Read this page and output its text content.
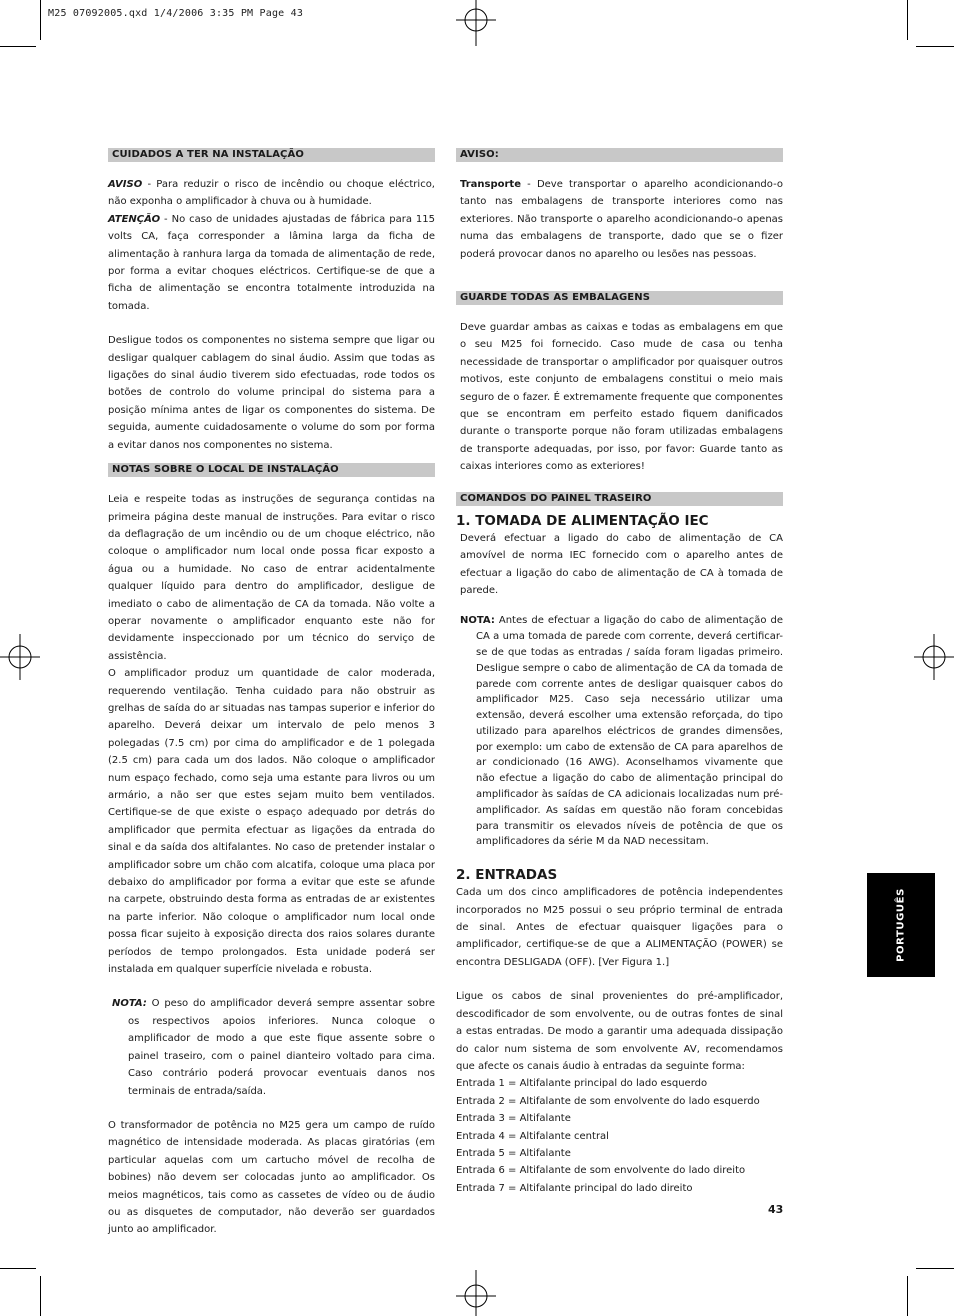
M25 07092005.qxd 1/4/2006 3:35 PM Page 43
CUIDADOS A TER NA INSTALAÇÃO

AVISO - Para reduzir o risco de incêndio ou choque eléctrico, não exponha o amplificador à chuva ou à humidade.

ATENÇÃO - No caso de unidades ajustadas de fábrica para 115 volts CA, faça corresponder a lâmina larga da ficha de alimentação à ranhura larga da tomada de alimentação de rede, por forma a evitar choques eléctricos. Certifique-se de que a ficha de alimentação se encontra totalmente introduzida na tomada.

Desligue todos os componentes no sistema sempre que ligar ou desligar qualquer cablagem do sinal áudio. Assim que todas as ligações do sinal áudio tiverem sido efectuadas, rode todos os botões de controlo do volume principal do sistema para a posição mínima antes de ligar os componentes do sistema. De seguida, aumente cuidadosamente o volume do som por forma a evitar danos nos componentes no sistema.

NOTAS SOBRE O LOCAL DE INSTALAÇÃO

Leia e respeite todas as instruções de segurança contidas na primeira página deste manual de instruções. Para evitar o risco da deflagração de um incêndio ou de um choque eléctrico, não coloque o amplificador num local onde possa ficar exposto a água ou a humidade. No caso de entrar acidentalmente qualquer líquido para dentro do amplificador, desligue de imediato o cabo de alimentação de CA da tomada. Não volte a operar novamente o amplificador enquanto este não for devidamente inspeccionado por um técnico do serviço de assistência.

O amplificador produz um quantidade de calor moderada, requerendo ventilação. Tenha cuidado para não obstruir as grelhas de saída do ar situadas nas tampas superior e inferior do aparelho. Deverá deixar um intervalo de pelo menos 3 polegadas (7.5 cm) por cima do amplificador e de 1 polegada (2.5 cm) para cada um dos lados. Não coloque o amplificador num espaço fechado, como seja uma estante para livros ou um armário, a não ser que estes sejam muito bem ventilados. Certifique-se de que existe o espaço adequado por detrás do amplificador que permita efectuar as ligações da entrada do sinal e da saída dos altifalantes. No caso de pretender instalar o amplificador sobre um chão com alcatifa, coloque uma placa por debaixo do amplificador por forma a evitar que este se afunde na carpete, obstruindo desta forma as entradas de ar existentes na parte inferior. Não coloque o amplificador num local onde possa ficar sujeito à exposição directa dos raios solares durante períodos de tempo prolongados. Esta unidade poderá ser instalada em qualquer superfície nivelada e robusta.

NOTA: O peso do amplificador deverá sempre assentar sobre os respectivos apoios inferiores. Nunca coloque o amplificador de modo a que este fique assente sobre o painel traseiro, com o painel dianteiro voltado para cima. Caso contrário poderá provocar eventuais danos nos terminais de entrada/saída.

O transformador de potência no M25 gera um campo de ruído magnético de intensidade moderada. As placas giratórias (em particular aquelas com um cartucho móvel de recolha de bobines) não devem ser colocadas junto ao amplificador. Os meios magnéticos, tais como as cassetes de vídeo ou de áudio ou as disquetes de computador, não deverão ser guardados junto ao amplificador.

AVISO:

Transporte - Deve transportar o aparelho acondicionando-o tanto nas embalagens de transporte interiores como nas exteriores. Não transporte o aparelho acondicionando-o apenas numa das embalagens de transporte, dado que se o fizer poderá provocar danos no aparelho ou lesões nas pessoas.

GUARDE TODAS AS EMBALAGENS

Deve guardar ambas as caixas e todas as embalagens em que o seu M25 foi fornecido. Caso mude de casa ou tenha necessidade de transportar o amplificador por quaisquer outros motivos, este conjunto de embalagens constitui o meio mais seguro de o fazer. É extremamente frequente que componentes que se encontram em perfeito estado fiquem danificados durante o transporte porque não foram utilizadas embalagens de transporte adequadas, por isso, por favor: Guarde tanto as caixas interiores como as exteriores!

COMANDOS DO PAINEL TRASEIRO
1. TOMADA DE ALIMENTAÇÃO IEC

Deverá efectuar a ligado do cabo de alimentação de CA amovível de norma IEC fornecido com o aparelho antes de efectuar a ligação do cabo de alimentação de CA à tomada de parede.

NOTA: Antes de efectuar a ligação do cabo de alimentação de CA a uma tomada de parede com corrente, deverá certificar-se de que todas as entradas / saída foram ligadas primeiro. Desligue sempre o cabo de alimentação de CA da tomada de parede com corrente antes de desligar quaisquer cabos do amplificador M25. Caso seja necessário utilizar uma extensão, deverá escolher uma extensão reforçada, do tipo utilizado para aparelhos eléctricos de grandes dimensões, por exemplo: um cabo de extensão de CA para aparelhos de ar condicionado (16 AWG). Aconselhamos vivamente que não efectue a ligação do cabo de alimentação principal do amplificador às saídas de CA adicionais localizadas num pré-amplificador. As saídas em questão não foram concebidas para transmitir os elevados níveis de potência de que os amplificadores da série M da NAD necessitam.

2. ENTRADAS

Cada um dos cinco amplificadores de potência independentes incorporados no M25 possui o seu próprio terminal de entrada de sinal. Antes de efectuar quaisquer ligações para o amplificador, certifique-se de que a ALIMENTAÇÃO (POWER) se encontra DESLIGADA (OFF). [Ver Figura 1.]

Ligue os cabos de sinal provenientes do pré-amplificador, descodificador de som envolvente, ou de outras fontes de sinal a estas entradas. De modo a garantir uma adequada dissipação do calor num sistema de som envolvente AV, recomendamos que afecte os canais áudio à entradas da seguinte forma:

Entrada 1 = Altifalante principal do lado esquerdo
Entrada 2 = Altifalante de som envolvente do lado esquerdo
Entrada 3 = Altifalante
Entrada 4 = Altifalante central
Entrada 5 = Altifalante
Entrada 6 = Altifalante de som envolvente do lado direito
Entrada 7 = Altifalante principal do lado direito
PORTUGUÊS
43
